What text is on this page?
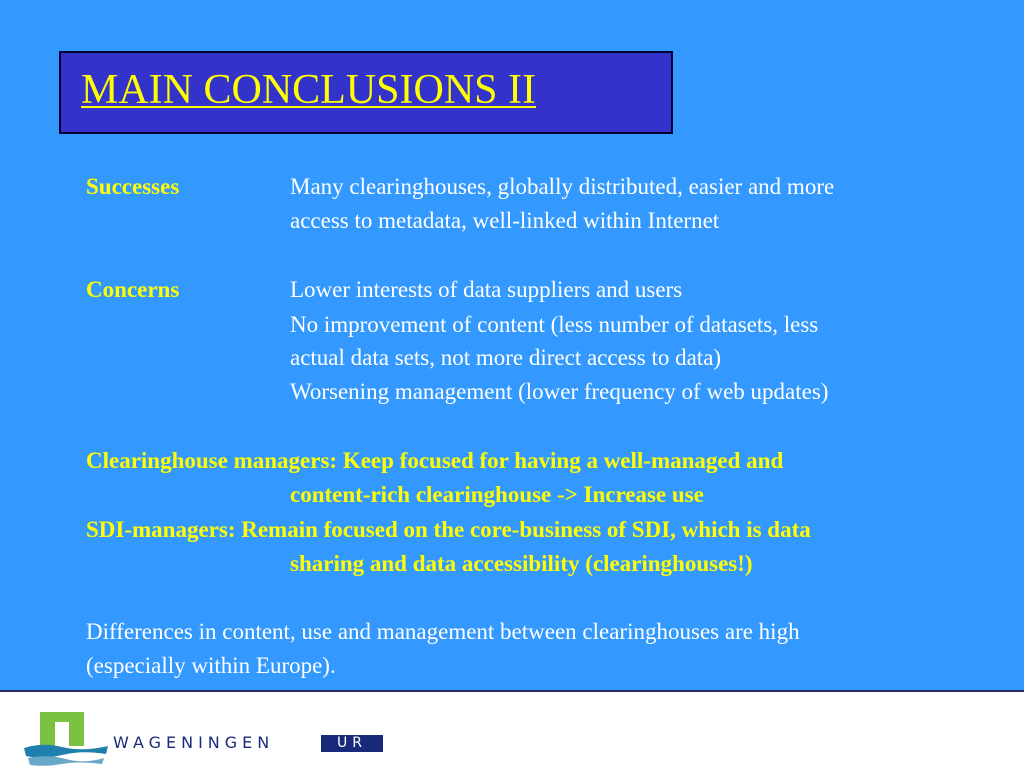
MAIN CONCLUSIONS II
Successes	Many clearinghouses, globally distributed, easier and more
access to metadata, well-linked within Internet
Concerns	Lower interests of data suppliers and users
No improvement of content (less number of datasets, less
actual data sets, not more direct access to data)
Worsening management (lower frequency of web updates)
Clearinghouse managers: Keep focused for having a well-managed and
content-rich clearinghouse -> Increase use
SDI-managers: Remain focused on the core-business of SDI, which is data
sharing and data accessibility (clearinghouses!)
Differences in content, use and management between clearinghouses are high
(especially within Europe).
WAGENINGEN	UR
